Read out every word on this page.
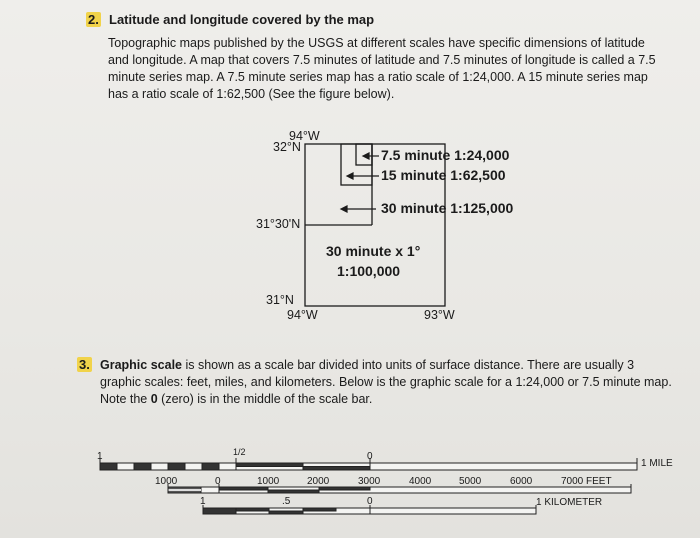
2. Latitude and longitude covered by the map

Topographic maps published by the USGS at different scales have specific dimensions of latitude and longitude. A map that covers 7.5 minutes of latitude and 7.5 minutes of longitude is called a 7.5 minute series map. A 7.5 minute series map has a ratio scale of 1:24,000. A 15 minute series map has a ratio scale of 1:62,500 (See the figure below).

94°W
32°N
31°30'N
31°N
94°W	93°W
7.5 minute 1:24,000
15 minute 1:62,500
30 minute 1:125,000
30 minute x 1°
1:100,000
3. Graphic scale is shown as a scale bar divided into units of surface distance. There are usually 3 graphic scales: feet, miles, and kilometers. Below is the graphic scale for a 1:24,000 or 7.5 minute map. Note the 0 (zero) is in the middle of the scale bar.

1	1/2	0
1 MILE
1000	0	1000	2000	3000	4000	5000	6000	7000 FEET
1	.5	0	1 KILOMETER
